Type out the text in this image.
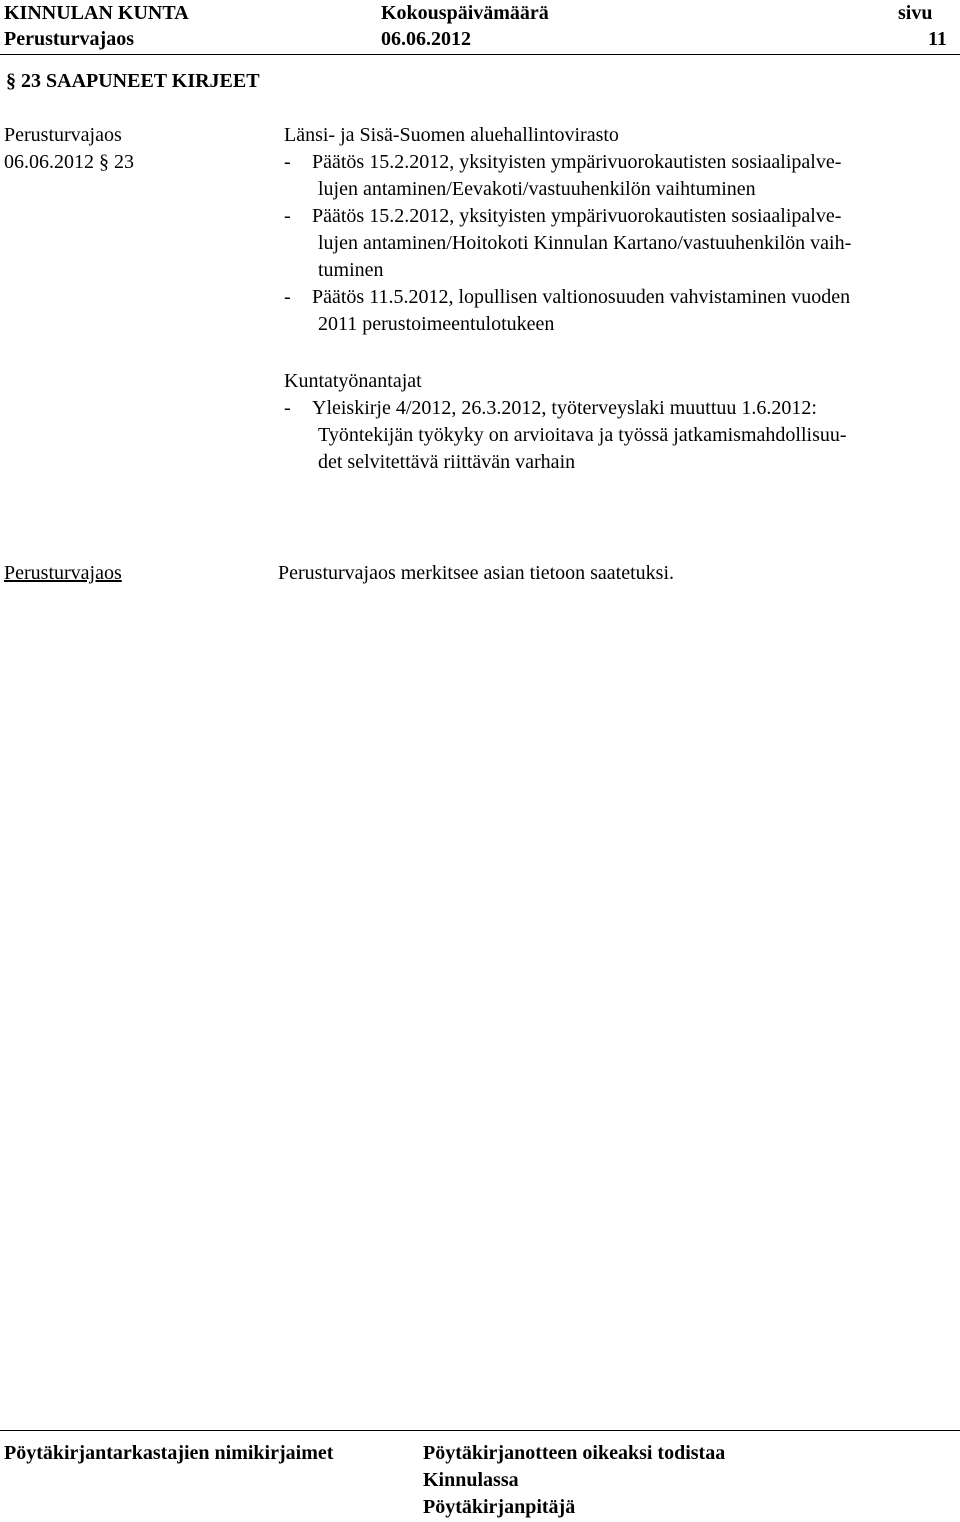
KINNULAN KUNTA
Perusturvajaos
Kokouspäivämäärä
06.06.2012
sivu
11
§ 23 SAAPUNEET KIRJEET
Perusturvajaos
06.06.2012 § 23
Länsi- ja Sisä-Suomen aluehallintovirasto
- Päätös 15.2.2012, yksityisten ympärivuorokautisten sosiaalipalve-
lujen antaminen/Eevakoti/vastuuhenkilön vaihtuminen
- Päätös 15.2.2012, yksityisten ympärivuorokautisten sosiaalipalve-
lujen antaminen/Hoitokoti Kinnulan Kartano/vastuuhenkilön vaih-
tuminen
- Päätös 11.5.2012, lopullisen valtionosuuden vahvistaminen vuoden
2011 perustoimeentulotukeen
Kuntatyönantajat
- Yleiskirje 4/2012, 26.3.2012, työterveyslaki muuttuu 1.6.2012:
Työntekijän työkyky on arvioitava ja työssä jatkamismahdollisuu-
det selvitettävä riittävän varhain
Perusturvajaos	Perusturvajaos merkitsee asian tietoon saatetuksi.
Pöytäkirjantarkastajien nimikirjaimet	Pöytäkirjanotteen oikeaksi todistaa
Kinnulassa
Pöytäkirjanpitäjä
